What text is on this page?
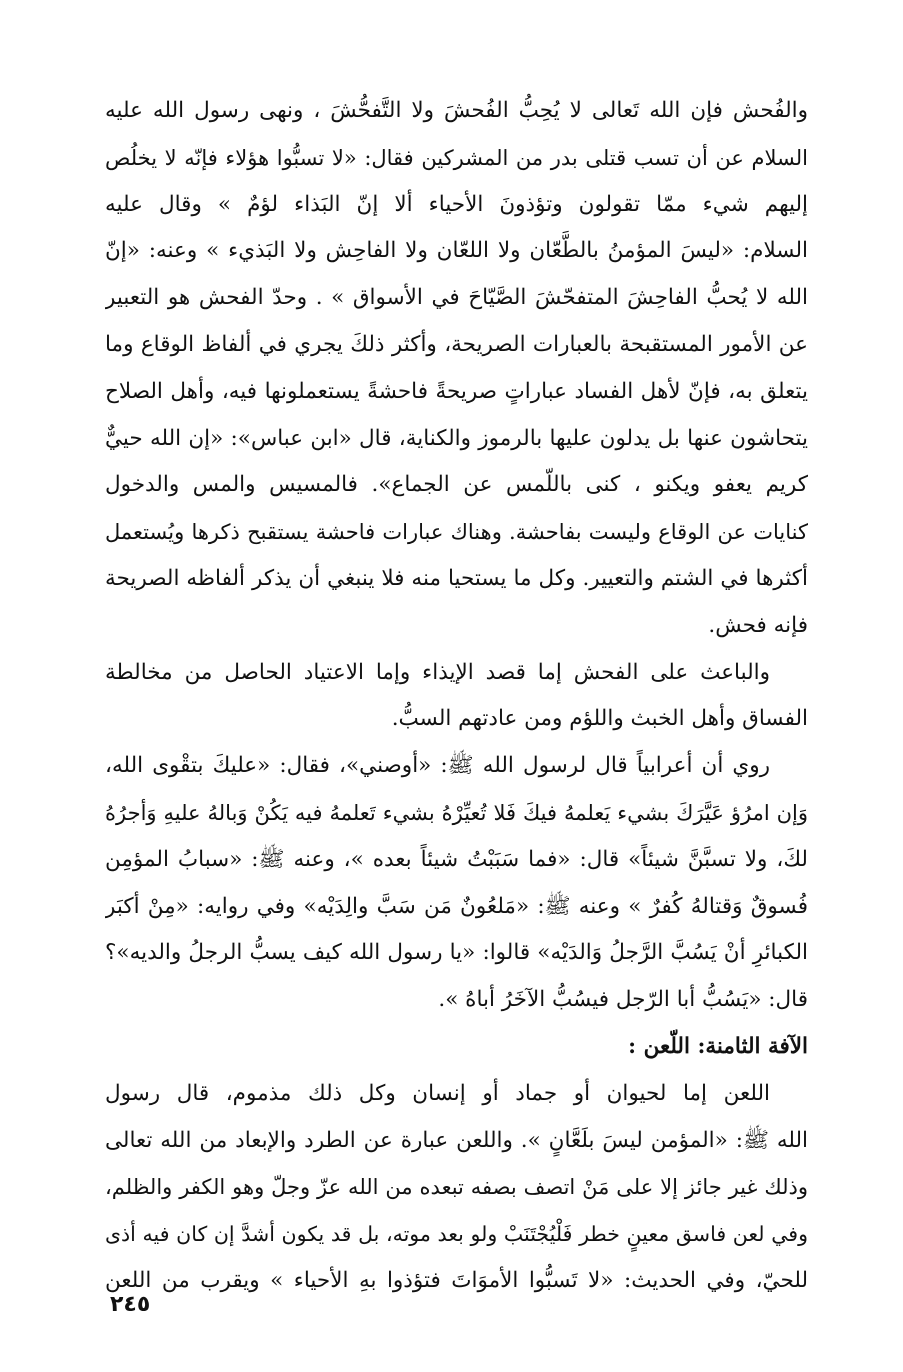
والفُحش فإن الله تَعالى لا يُحِبُّ الفُحشَ ولا التَّفحُّشَ ، ونهى رسول الله عليه
السلام عن أن تسب قتلى بدر من المشركين فقال: «لا تسبُّوا هؤلاء فإنّه لا يخلُص
إليهم شيء ممّا تقولون وتؤذونَ الأحياء ألا إنّ البَذاء لؤمٌ » وقال عليه
السلام: «ليسَ المؤمنُ بالطَّعّان ولا اللعّان ولا الفاحِش ولا البَذيء » وعنه: «إنّ
الله لا يُحبُّ الفاحِشَ المتفحّشَ الصَّيّاحَ في الأسواق » . وحدّ الفحش هو التعبير
عن الأمور المستقبحة بالعبارات الصريحة، وأكثر ذلكَ يجري في ألفاظ الوقاع وما
يتعلق به، فإنّ لأهل الفساد عباراتٍ صريحةً فاحشةً يستعملونها فيه، وأهل الصلاح
يتحاشون عنها بل يدلون عليها بالرموز والكناية، قال «ابن عباس»: «إن الله حييٌّ
كريم يعفو ويكنو ، كنى باللّمس عن الجماع». فالمسيس والمس والدخول
كنايات عن الوقاع وليست بفاحشة. وهناك عبارات فاحشة يستقبح ذكرها ويُستعمل
أكثرها في الشتم والتعيير. وكل ما يستحيا منه فلا ينبغي أن يذكر ألفاظه الصريحة
فإنه فحش.
والباعث على الفحش إما قصد الإيذاء وإما الاعتياد الحاصل من مخالطة
الفساق وأهل الخبث واللؤم ومن عادتهم السبُّ.
روي أن أعرابياً قال لرسول الله ﷺ: «أوصني»، فقال: «عليكَ بتقْوى الله،
وَإن امرُؤ عَيَّرَكَ بشيء يَعلمهُ فيكَ فَلا تُعيِّرْهُ بشيء تَعلمهُ فيه يَكُنْ وَبالهُ عليهِ وَأجرُهُ
لكَ، ولا تسبَّنَّ شيئاً» قال: «فما سَبَبْتُ شيئاً بعده »، وعنه ﷺ: «سبابُ المؤمِن
فُسوقٌ وَقتالهُ كُفرٌ » وعنه ﷺ: «مَلعُونٌ مَن سَبَّ والِدَيْه» وفي روايه: «مِنْ أكبَر
الكبائرِ أنْ يَسُبَّ الرَّجلُ وَالدَيْه» قالوا: «يا رسول الله كيف يسبُّ الرجلُ والديه»؟
قال: «يَسُبُّ أبا الرّجل فيسُبُّ الآخَرُ أباهُ ».
الآفة الثامنة: اللّعن :
اللعن إما لحيوان أو جماد أو إنسان وكل ذلك مذموم، قال رسول
الله ﷺ: «المؤمن ليسَ بلَعَّانٍ ». واللعن عبارة عن الطرد والإبعاد من الله تعالى
وذلك غير جائز إلا على مَنْ اتصف بصفه تبعده من الله عزّ وجلّ وهو الكفر والظلم،
وفي لعن فاسق معينٍ خطر فَلْيُجْتَنَبْ ولو بعد موته، بل قد يكون أشدَّ إن كان فيه أذى
للحيّ، وفي الحديث: «لا تَسبُّوا الأموَاتَ فتؤذوا بهِ الأحياء » ويقرب من اللعن
٢٤٥
